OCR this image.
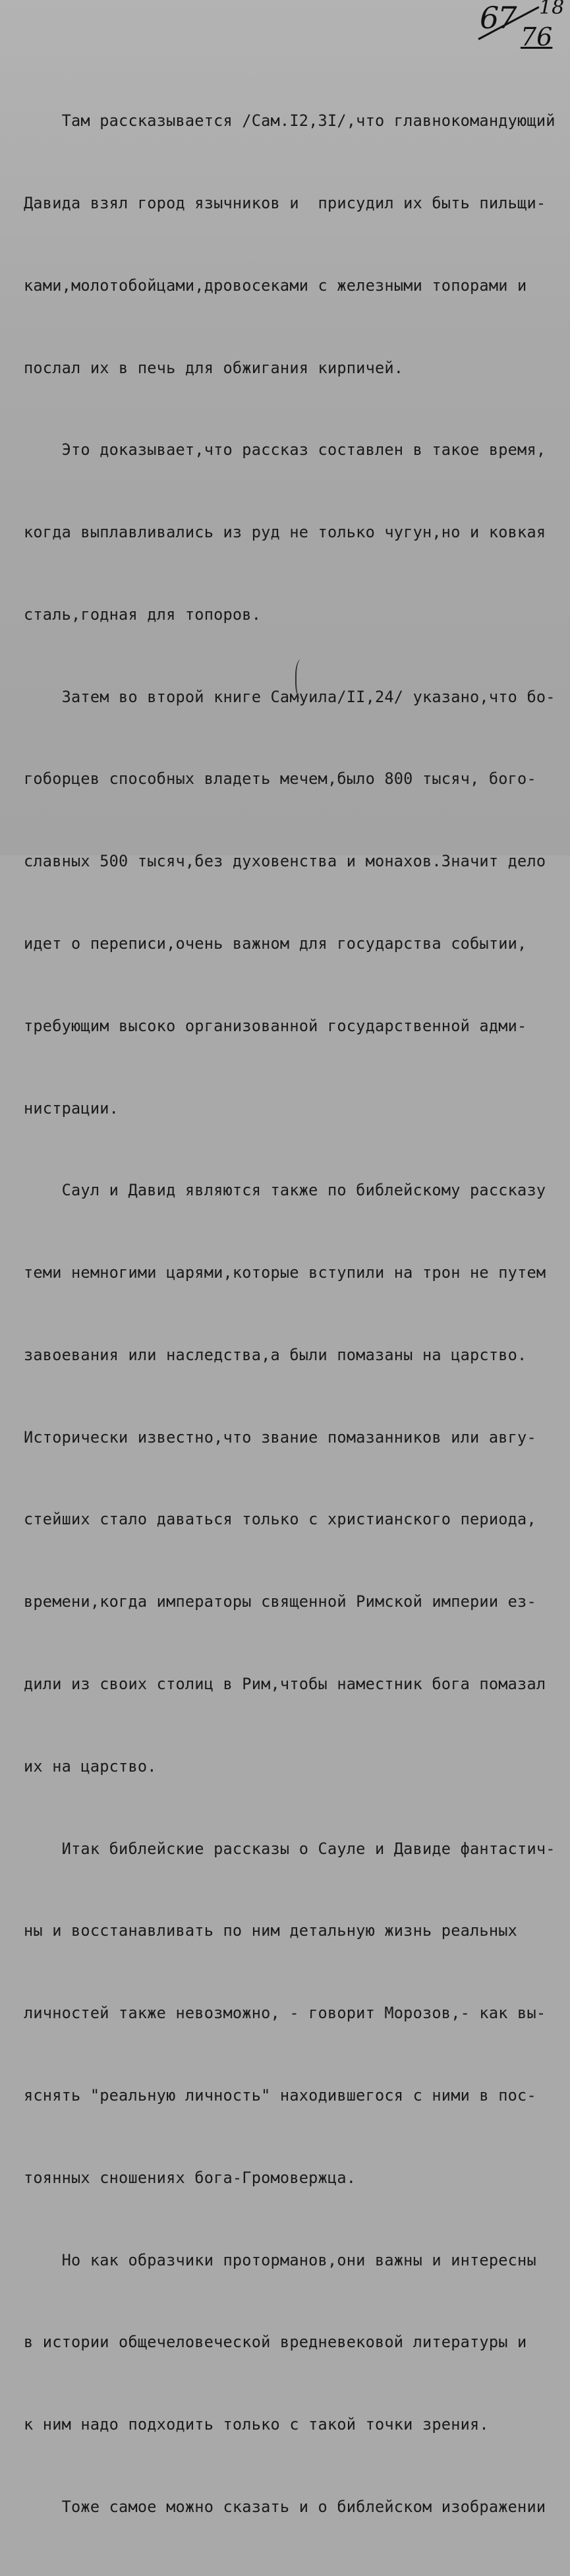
67 18
76

Там рассказывается /Сам.I2,3I/,что главнокомандующий

Давида взял город язычников и  присудил их быть пильщи-

ками,молотобойцами,дровосеками с железными топорами и

послал их в печь для обжигания кирпичей.

Это доказывает,что рассказ составлен в такое время,

когда выплавливались из руд не только чугун,но и ковкая

сталь,годная для топоров.

Затем во второй книге Самуила/II,24/ указано,что бо-

гоборцев способных владеть мечем,было 800 тысяч, бого-

славных 500 тысяч,без духовенства и монахов.Значит дело

идет о переписи,очень важном для государства событии,

требующим высоко организованной государственной адми-

нистрации.

Саул и Давид являются также по библейскому рассказу

теми немногими царями,которые вступили на трон не путем

завоевания или наследства,а были помазаны на царство.

Исторически известно,что звание помазанников или авгу-

стейших стало даваться только с христианского периода,

времени,когда императоры священной Римской империи ез-

дили из своих столиц в Рим,чтобы наместник бога помазал

их на царство.

Итак библейские рассказы о Сауле и Давиде фантастич-

ны и восстанавливать по ним детальную жизнь реальных

личностей также невозможно, - говорит Морозов,- как вы-

яснять "реальную личность" находившегося с ними в пос-

тоянных сношениях бога-Громовержца.

Но как образчики проторманов,они важны и интересны

в истории общечеловеческой вредневековой литературы и

к ним надо подходить только с такой точки зрения.

Тоже самое можно сказать и о библейском изображении
